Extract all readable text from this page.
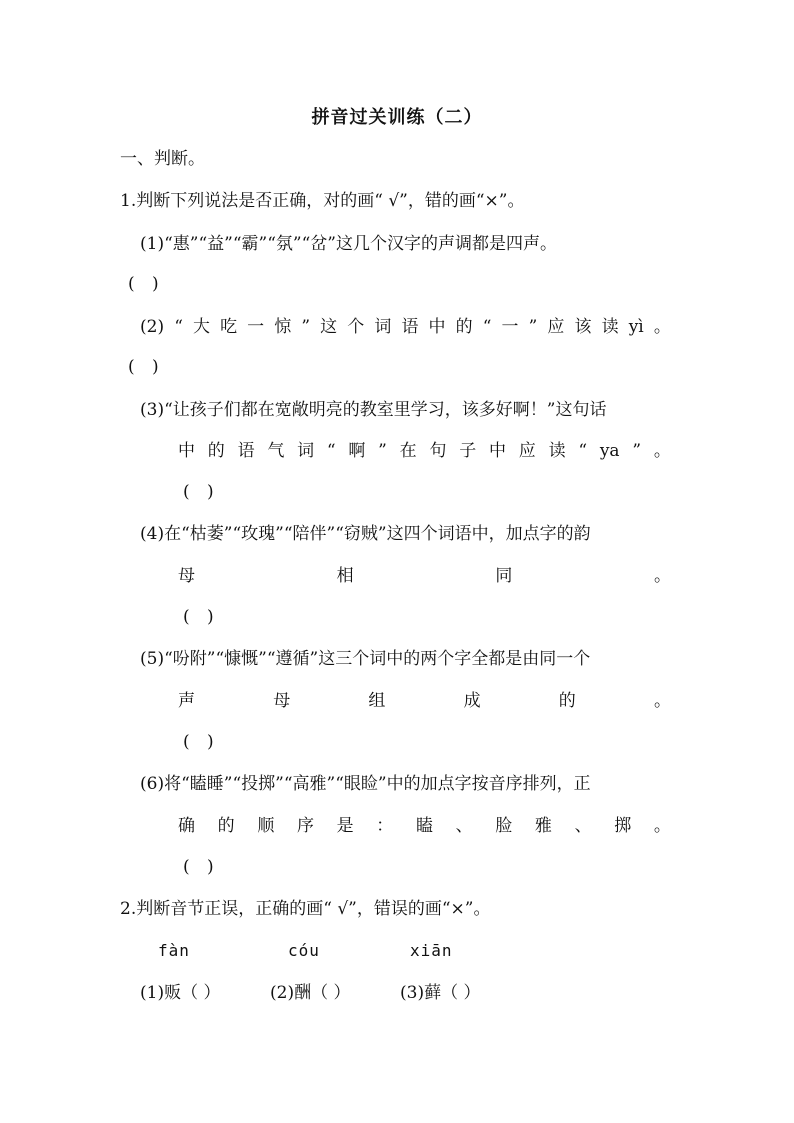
拼音过关训练（二）
一、判断。
1.判断下列说法是否正确，对的画“ √”，错的画“×”。
(1)“惠”“益”“霸”“氛”“岔”这几个汉字的声调都是四声。
( )
(2) “ 大 吃 一 惊 ” 这 个 词 语 中 的 “ 一 ” 应 该 读 yì 。
( )
(3)“让孩子们都在宽敞明亮的教室里学习，该多好啊！”这句话
中 的 语 气 词 “ 啊 ” 在 句 子 中 应 读 “ ya ” 。
( )
(4)在“枯萎”“玫瑰”“陪伴”“窃贼”这四个词语中，加点字的韵
母	相	同	。
( )
(5)“吩附”“慷慨”“遵循”这三个词中的两个字全都是由同一个
声	母	组	成	的	。
( )
(6)将“瞌睡”“投掷”“高雅”“眼睑”中的加点字按音序排列，正
确 的 顺 序 是 ： 瞌 、 脸 雅 、 掷 。
( )
2.判断音节正误，正确的画“ √”，错误的画“×”。
fàn	cóu	xiān
(1)贩（ ）	(2)酬（ ）	(3)藓（ ）
